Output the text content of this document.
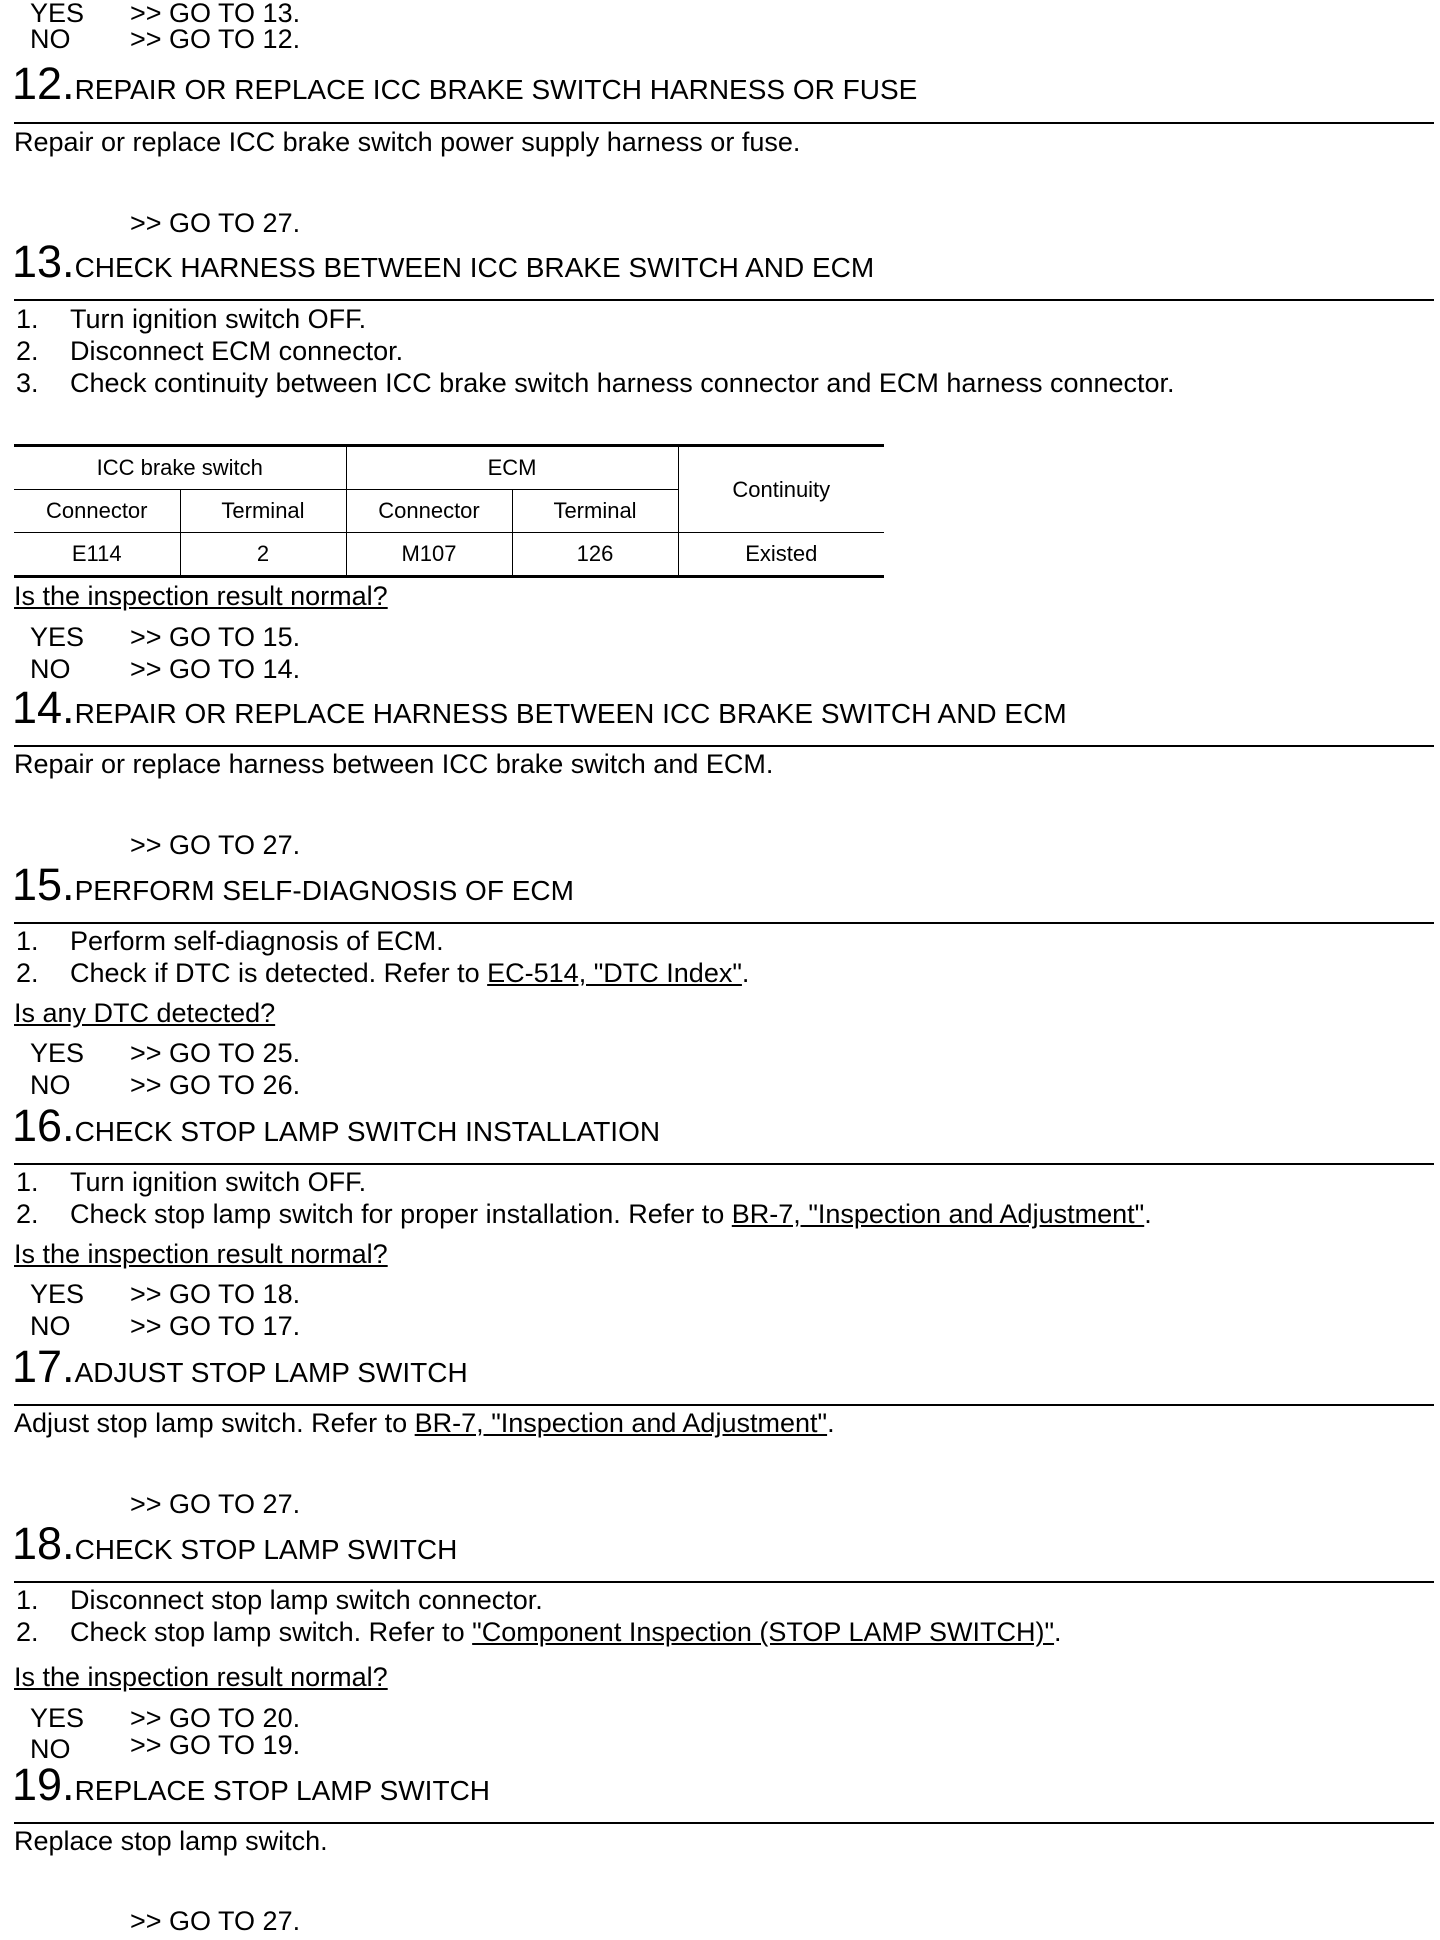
YES >> GO TO 13.
NO >> GO TO 12.
12.REPAIR OR REPLACE ICC BRAKE SWITCH HARNESS OR FUSE
Repair or replace ICC brake switch power supply harness or fuse.
>> GO TO 27.
13.CHECK HARNESS BETWEEN ICC BRAKE SWITCH AND ECM
1. Turn ignition switch OFF.
2. Disconnect ECM connector.
3. Check continuity between ICC brake switch harness connector and ECM harness connector.
ICC brake switch		ECM		Continuity
Connector	Terminal	Connector	Terminal	
E114	2	M107	126	Existed
Is the inspection result normal?
YES >> GO TO 15.
NO >> GO TO 14.
14.REPAIR OR REPLACE HARNESS BETWEEN ICC BRAKE SWITCH AND ECM
Repair or replace harness between ICC brake switch and ECM.
>> GO TO 27.
15.PERFORM SELF-DIAGNOSIS OF ECM
1. Perform self-diagnosis of ECM.
2. Check if DTC is detected. Refer to EC-514, "DTC Index".
Is any DTC detected?
YES >> GO TO 25.
NO >> GO TO 26.
16.CHECK STOP LAMP SWITCH INSTALLATION
1. Turn ignition switch OFF.
2. Check stop lamp switch for proper installation. Refer to BR-7, "Inspection and Adjustment".
Is the inspection result normal?
YES >> GO TO 18.
NO >> GO TO 17.
17.ADJUST STOP LAMP SWITCH
Adjust stop lamp switch. Refer to BR-7, "Inspection and Adjustment".
>> GO TO 27.
18.CHECK STOP LAMP SWITCH
1. Disconnect stop lamp switch connector.
2. Check stop lamp switch. Refer to "Component Inspection (STOP LAMP SWITCH)".
Is the inspection result normal?
YES >> GO TO 20.
NO >> GO TO 19.
19.REPLACE STOP LAMP SWITCH
Replace stop lamp switch.
>> GO TO 27.
